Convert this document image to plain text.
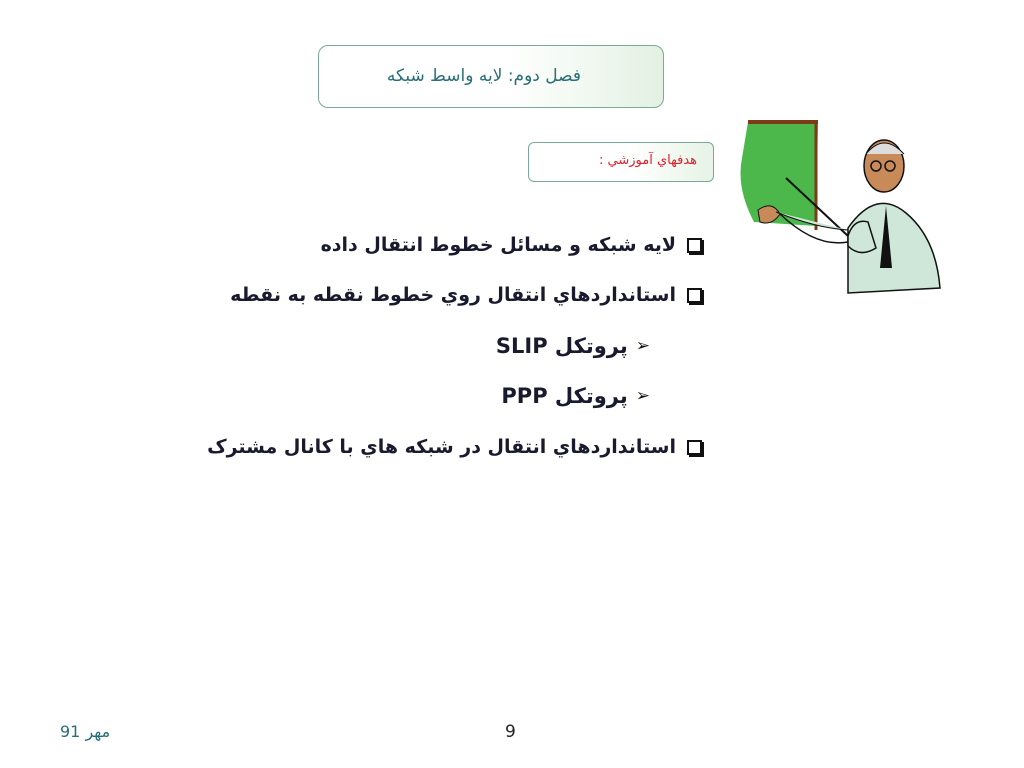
فصل دوم: لايه واسط شبکه
هدفهاي آموزشي :
لايه شبکه و مسائل خطوط انتقال داده
استانداردهاي انتقال روي خطوط نقطه به نقطه
➢
پروتکل SLIP
➢
پروتکل PPP
استانداردهاي انتقال در شبکه هاي با کانال مشترک
مهر 91	9
